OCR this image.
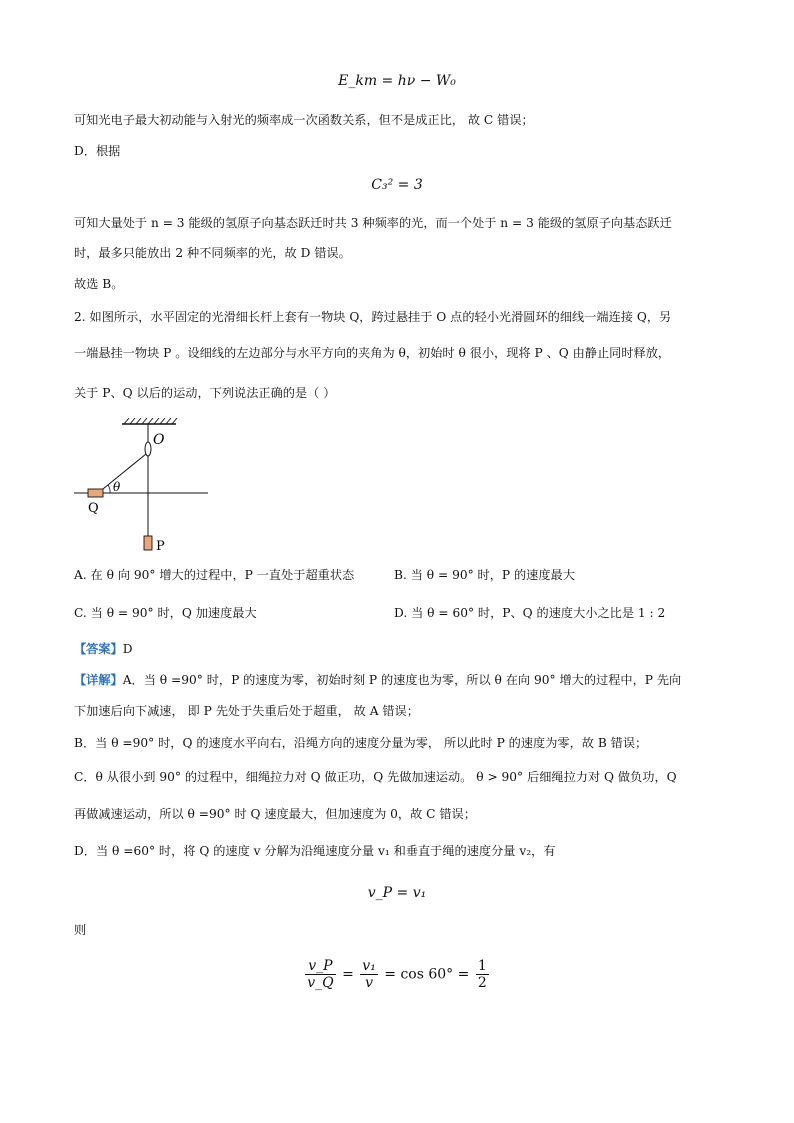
E_km = hν − W₀
可知光电子最大初动能与入射光的频率成一次函数关系，但不是成正比， 故 C 错误；
D．根据
C₃² = 3
可知大量处于 n = 3 能级的氢原子向基态跃迁时共 3 种频率的光，而一个处于 n = 3 能级的氢原子向基态跃迁
时，最多只能放出 2 种不同频率的光，故 D 错误。
故选 B。
2. 如图所示，水平固定的光滑细长杆上套有一物块 Q，跨过悬挂于 O 点的轻小光滑圆环的细线一端连接 Q，另
一端悬挂一物块 P 。设细线的左边部分与水平方向的夹角为 θ，初始时 θ 很小，现将 P 、Q 由静止同时释放，
关于 P、Q 以后的运动，下列说法正确的是（ ）
O
θ
Q
P
A. 在 θ 向 90° 增大的过程中，P 一直处于超重状态	B. 当 θ = 90° 时，P 的速度最大
C. 当 θ = 90° 时，Q 加速度最大	D. 当 θ = 60° 时，P、Q 的速度大小之比是 1 : 2
【答案】D
【详解】A．当 θ =90° 时，P 的速度为零，初始时刻 P 的速度也为零，所以 θ 在向 90° 增大的过程中，P 先向
下加速后向下减速， 即 P 先处于失重后处于超重， 故 A 错误；
B．当 θ =90° 时，Q 的速度水平向右，沿绳方向的速度分量为零， 所以此时 P 的速度为零，故 B 错误；
C．θ 从很小到 90° 的过程中，细绳拉力对 Q 做正功，Q 先做加速运动。 θ > 90° 后细绳拉力对 Q 做负功，Q
再做减速运动，所以 θ =90° 时 Q 速度最大，但加速度为 0，故 C 错误；
D．当 θ =60° 时，将 Q 的速度 v 分解为沿绳速度分量 v₁ 和垂直于绳的速度分量 v₂，有
v_P = v₁
则
$\frac{v\_P}{v\_Q} = \frac{\text{v₁}}{v} = \cos 60^\circ = \frac{1}{2}$
